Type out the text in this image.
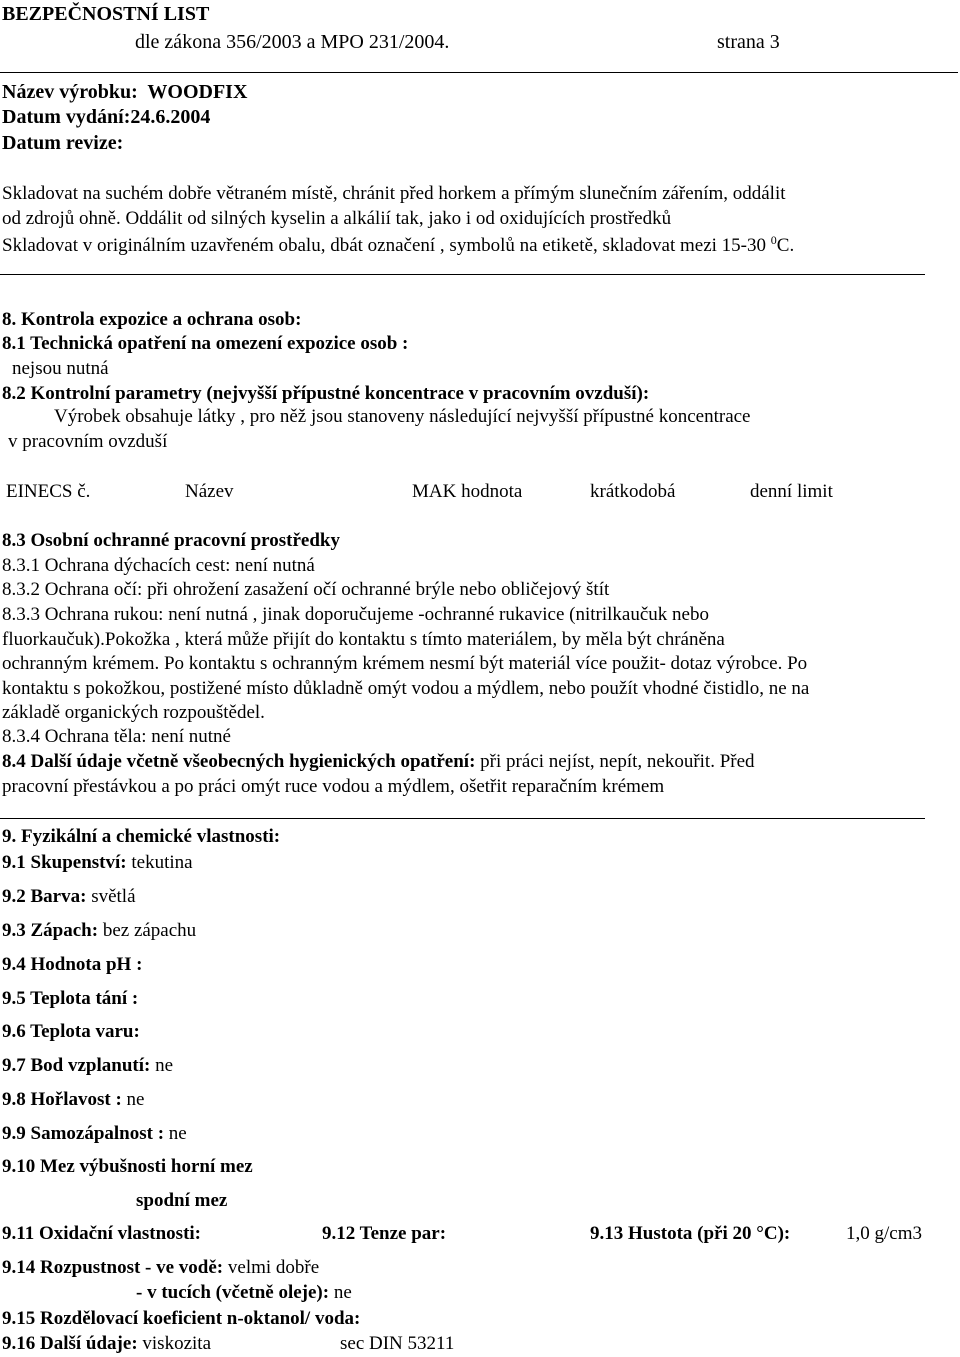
BEZPEČNOSTNÍ LIST
dle zákona 356/2003 a MPO 231/2004.	strana 3
Název výrobku: WOODFIX
Datum vydání:24.6.2004
Datum revize:
Skladovat na suchém dobře větraném místě, chránit před horkem a přímým slunečním zářením, oddálit
od zdrojů ohně. Oddálit od silných kyselin a alkálií tak, jako i od oxidujících prostředků
Skladovat v originálním uzavřeném obalu, dbát označení , symbolů na etiketě, skladovat mezi 15-30 $^0$C.
8. Kontrola expozice a ochrana osob:
8.1 Technická opatření na omezení expozice osob :
nejsou nutná
8.2 Kontrolní parametry (nejvyšší přípustné koncentrace v pracovním ovzduší):
Výrobek obsahuje látky , pro něž jsou stanoveny následující nejvyšší přípustné koncentrace
v pracovním ovzduší
EINECS č.	Název	MAK hodnota	krátkodobá	denní limit
8.3 Osobní ochranné pracovní prostředky
8.3.1 Ochrana dýchacích cest: není nutná
8.3.2 Ochrana očí: při ohrožení zasažení očí ochranné brýle nebo obličejový štít
8.3.3 Ochrana rukou: není nutná , jinak doporučujeme -ochranné rukavice (nitrilkaučuk nebo
fluorkaučuk).Pokožka , která může přijít do kontaktu s tímto materiálem, by měla být chráněna
ochranným krémem. Po kontaktu s ochranným krémem nesmí být materiál více použit- dotaz výrobce. Po
kontaktu s pokožkou, postižené místo důkladně omýt vodou a mýdlem, nebo použít vhodné čistidlo, ne na
základě organických rozpouštědel.
8.3.4 Ochrana těla: není nutné
8.4 Další údaje včetně všeobecných hygienických opatření: při práci nejíst, nepít, nekouřit. Před
pracovní přestávkou a po práci omýt ruce vodou a mýdlem, ošetřit reparačním krémem
9. Fyzikální a chemické vlastnosti:
9.1 Skupenství: tekutina
9.2 Barva: světlá
9.3 Zápach: bez zápachu
9.4 Hodnota pH :
9.5 Teplota tání :
9.6 Teplota varu:
9.7 Bod vzplanutí: ne
9.8 Hořlavost : ne
9.9 Samozápalnost : ne
9.10 Mez výbušnosti horní mez
spodní mez
9.11 Oxidační vlastnosti:	9.12 Tenze par:	9.13 Hustota (při 20 °C):	1,0 g/cm3
9.14 Rozpustnost - ve vodě: velmi dobře
- v tucích (včetně oleje): ne
9.15 Rozdělovací koeficient n-oktanol/ voda:
9.16 Další údaje: viskozita	sec DIN 53211
